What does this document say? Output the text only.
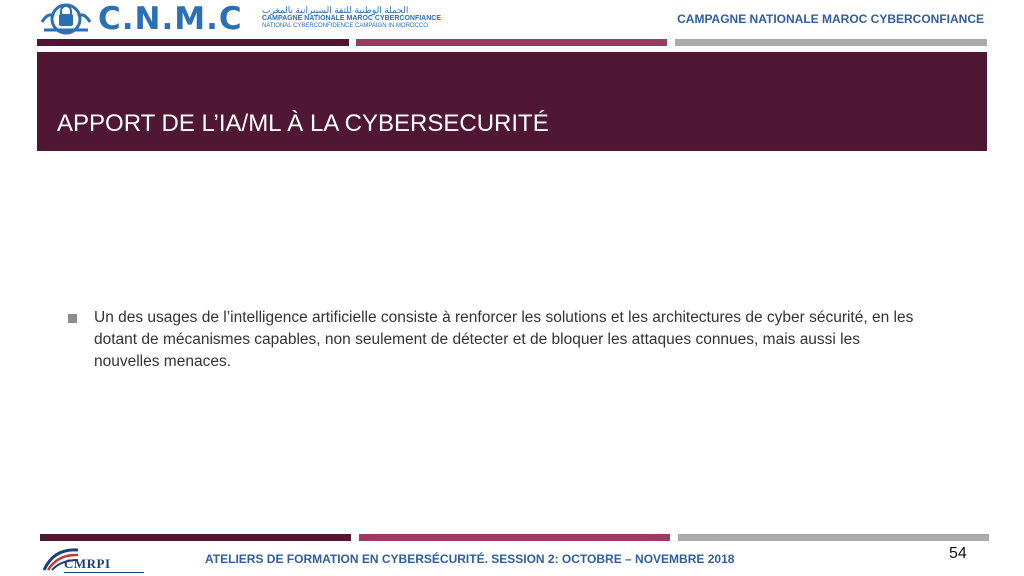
C.N.M.C الحملة الوطنية للثقة السيبرانية بالمغرب
CAMPAGNE NATIONALE MAROC CYBERCONFIANCE
NATIONAL CYBERCONFIDENCE CAMPAIGN IN MOROCCO	CAMPAGNE NATIONALE MAROC CYBERCONFIANCE
APPORT DE L’IA/ML À LA CYBERSECURITÉ
Un des usages de l’intelligence artificielle consiste à renforcer les solutions et les architectures de cyber sécurité, en les dotant de mécanismes capables, non seulement de détecter et de bloquer les attaques connues, mais aussi les nouvelles menaces.
CMRPI	ATELIERS DE FORMATION EN CYBERSÉCURITÉ. SESSION 2: OCTOBRE – NOVEMBRE 2018	54
